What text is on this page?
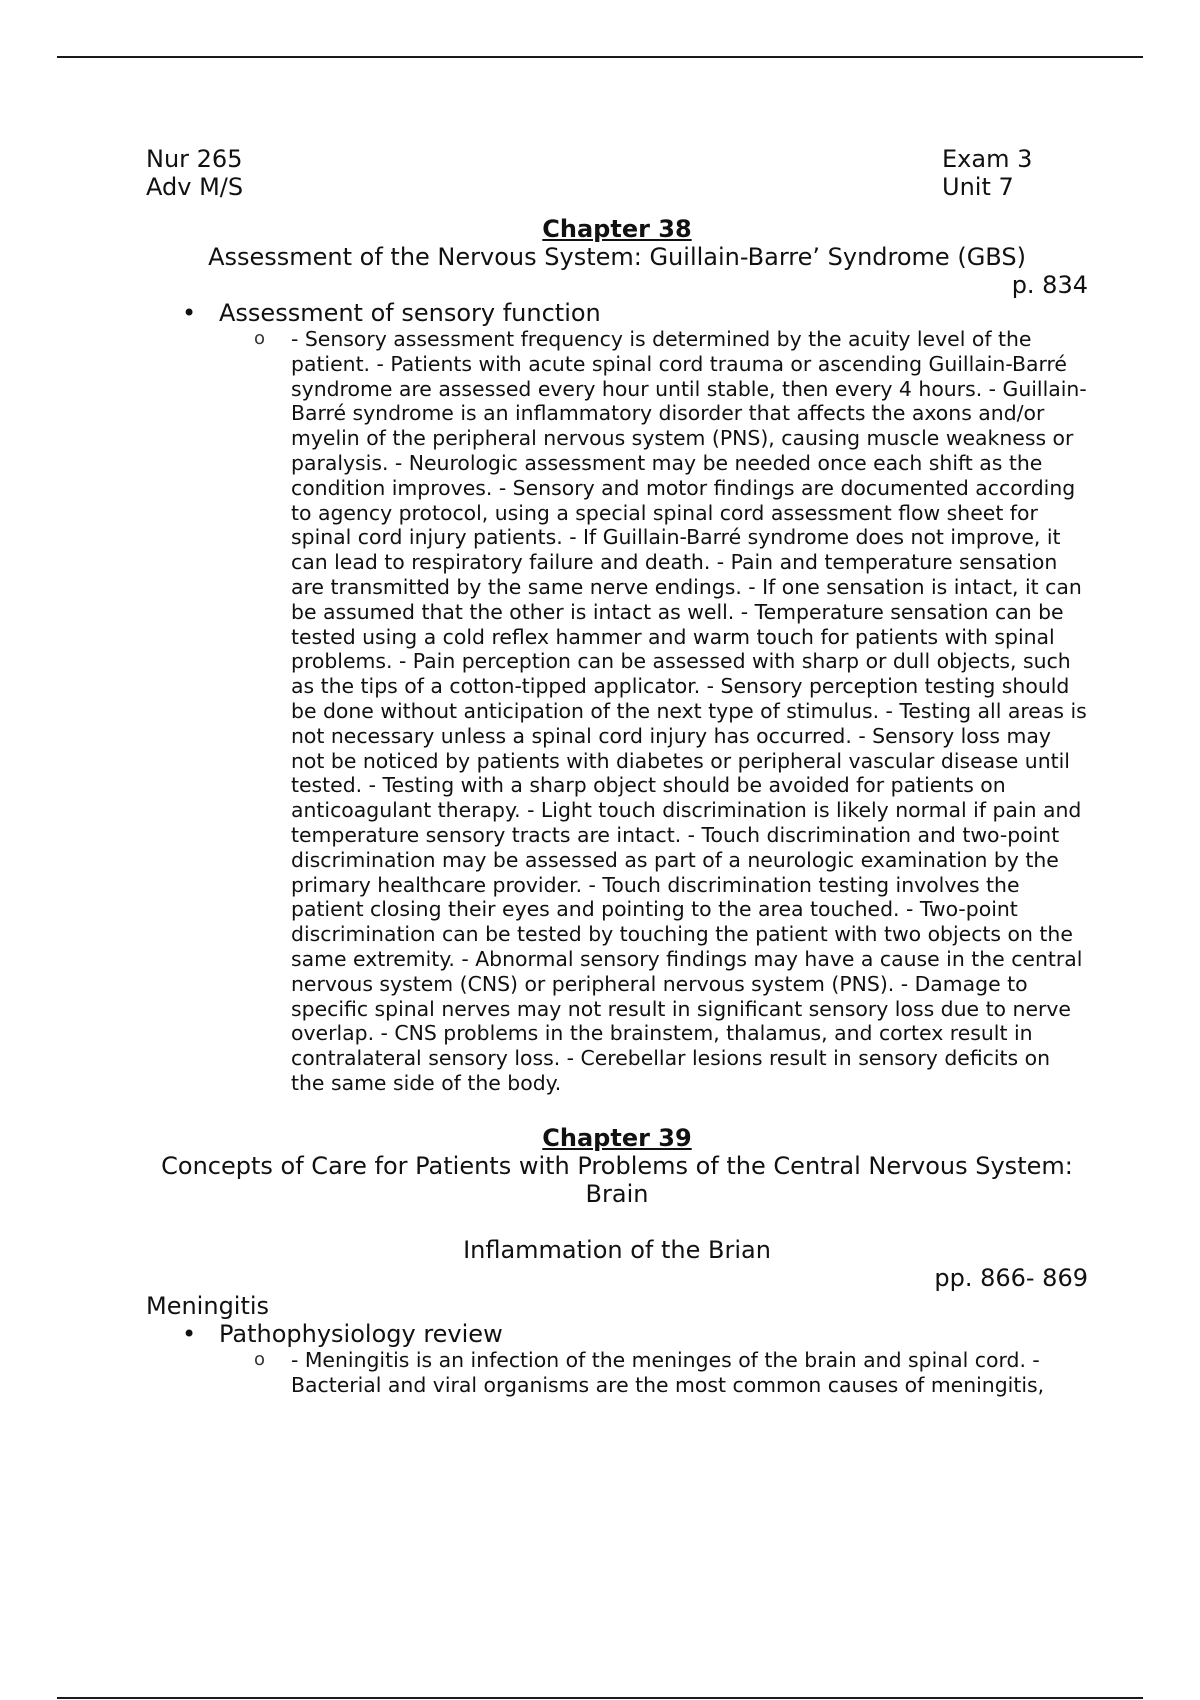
Nur 265
Adv M/S
Exam 3
Unit 7
Chapter 38
Assessment of the Nervous System: Guillain-Barre’ Syndrome (GBS)
p. 834
• Assessment of sensory function
o - Sensory assessment frequency is determined by the acuity level of the patient. - Patients with acute spinal cord trauma or ascending Guillain-Barré syndrome are assessed every hour until stable, then every 4 hours. - Guillain-Barré syndrome is an inflammatory disorder that affects the axons and/or myelin of the peripheral nervous system (PNS), causing muscle weakness or paralysis. - Neurologic assessment may be needed once each shift as the condition improves. - Sensory and motor findings are documented according to agency protocol, using a special spinal cord assessment flow sheet for spinal cord injury patients. - If Guillain-Barré syndrome does not improve, it can lead to respiratory failure and death. - Pain and temperature sensation are transmitted by the same nerve endings. - If one sensation is intact, it can be assumed that the other is intact as well. - Temperature sensation can be tested using a cold reflex hammer and warm touch for patients with spinal problems. - Pain perception can be assessed with sharp or dull objects, such as the tips of a cotton-tipped applicator. - Sensory perception testing should be done without anticipation of the next type of stimulus. - Testing all areas is not necessary unless a spinal cord injury has occurred. - Sensory loss may not be noticed by patients with diabetes or peripheral vascular disease until tested. - Testing with a sharp object should be avoided for patients on anticoagulant therapy. - Light touch discrimination is likely normal if pain and temperature sensory tracts are intact. - Touch discrimination and two-point discrimination may be assessed as part of a neurologic examination by the primary healthcare provider. - Touch discrimination testing involves the patient closing their eyes and pointing to the area touched. - Two-point discrimination can be tested by touching the patient with two objects on the same extremity. - Abnormal sensory findings may have a cause in the central nervous system (CNS) or peripheral nervous system (PNS). - Damage to specific spinal nerves may not result in significant sensory loss due to nerve overlap. - CNS problems in the brainstem, thalamus, and cortex result in contralateral sensory loss. - Cerebellar lesions result in sensory deficits on the same side of the body.
Chapter 39
Concepts of Care for Patients with Problems of the Central Nervous System:
Brain
Inflammation of the Brian
pp. 866- 869
Meningitis
• Pathophysiology review
o - Meningitis is an infection of the meninges of the brain and spinal cord. - Bacterial and viral organisms are the most common causes of meningitis,
